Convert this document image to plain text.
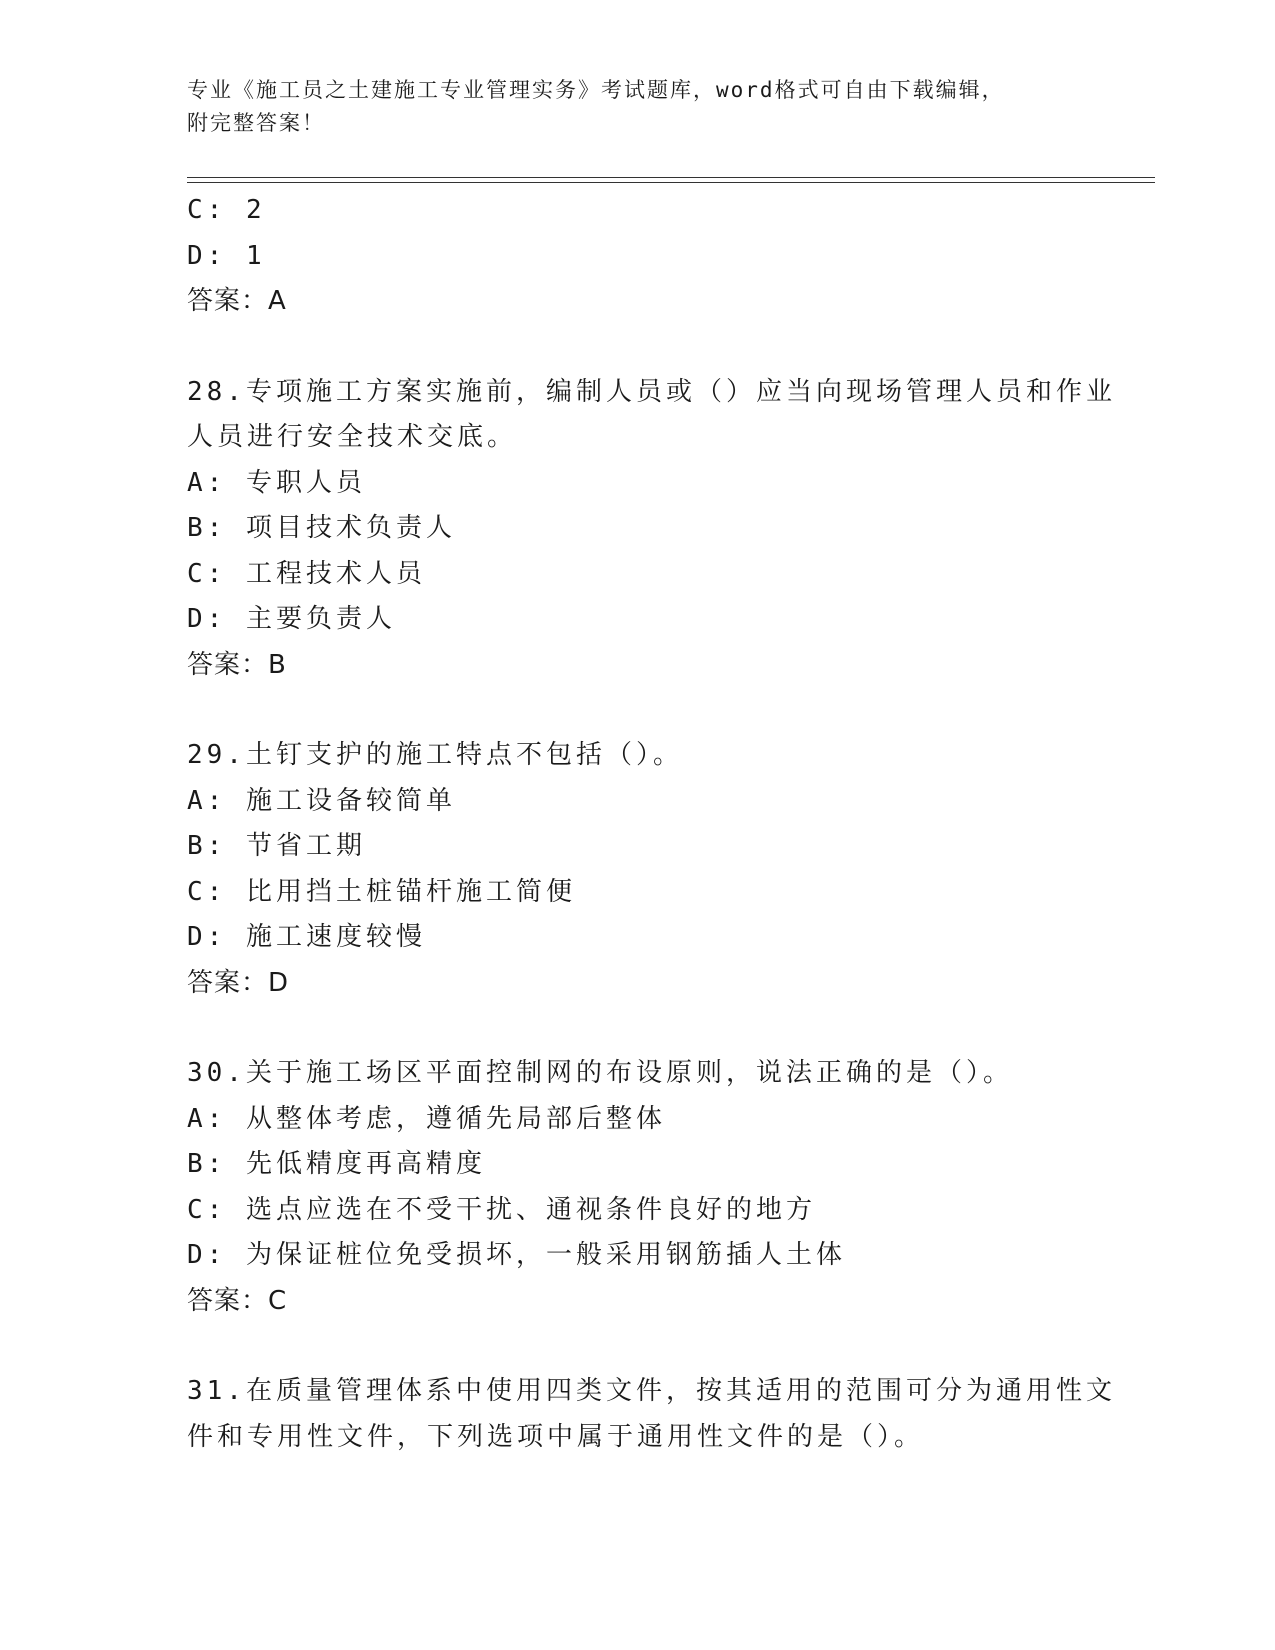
专业《施工员之土建施工专业管理实务》考试题库，word格式可自由下载编辑，
附完整答案！
C: 2
D: 1
答案：A
28.专项施工方案实施前，编制人员或（）应当向现场管理人员和作业
人员进行安全技术交底。
A: 专职人员
B: 项目技术负责人
C: 工程技术人员
D: 主要负责人
答案：B
29.土钉支护的施工特点不包括（）。
A: 施工设备较简单
B: 节省工期
C: 比用挡土桩锚杆施工简便
D: 施工速度较慢
答案：D
30.关于施工场区平面控制网的布设原则，说法正确的是（）。
A: 从整体考虑，遵循先局部后整体
B: 先低精度再高精度
C: 选点应选在不受干扰、通视条件良好的地方
D: 为保证桩位免受损坏，一般采用钢筋插人土体
答案：C
31.在质量管理体系中使用四类文件，按其适用的范围可分为通用性文
件和专用性文件，下列选项中属于通用性文件的是（）。
